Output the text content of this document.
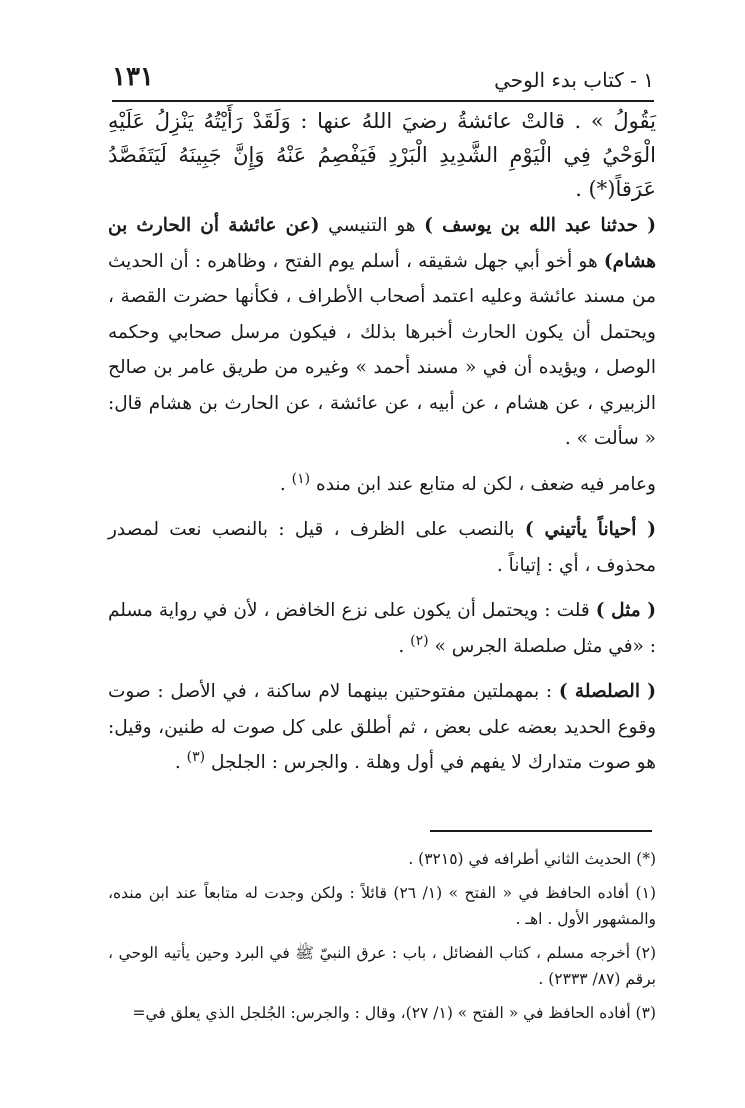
١ - كتاب بدء الوحي
١٣١

يَقُولُ » . قالتْ عائشةُ رضيَ اللهُ عنها : وَلَقَدْ رَأَيْتُهُ يَنْزِلُ عَلَيْهِ الْوَحْيُ فِي الْيَوْمِ الشَّدِيدِ الْبَرْدِ فَيَفْصِمُ عَنْهُ وَإِنَّ جَبِينَهُ لَيَتَفَصَّدُ عَرَقاً(*) .

( حدثنا عبد الله بن يوسف ) هو التنيسي (عن عائشة أن الحارث بن هشام) هو أخو أبي جهل شقيقه ، أسلم يوم الفتح ، وظاهره : أن الحديث من مسند عائشة وعليه اعتمد أصحاب الأطراف ، فكأنها حضرت القصة ، ويحتمل أن يكون الحارث أخبرها بذلك ، فيكون مرسل صحابي وحكمه الوصل ، ويؤيده أن في « مسند أحمد » وغيره من طريق عامر بن صالح الزبيري ، عن هشام ، عن أبيه ، عن عائشة ، عن الحارث بن هشام قال: « سألت » .

وعامر فيه ضعف ، لكن له متابع عند ابن منده $^{(١)}$ .

( أحياناً يأتيني ) بالنصب على الظرف ، قيل : بالنصب نعت لمصدر محذوف ، أي : إتياناً .

( مثل ) قلت : ويحتمل أن يكون على نزع الخافض ، لأن في رواية مسلم : «في مثل صلصلة الجرس » $^{(٢)}$ .

( الصلصلة ) : بمهملتين مفتوحتين بينهما لام ساكنة ، في الأصل : صوت وقوع الحديد بعضه على بعض ، ثم أطلق على كل صوت له طنين، وقيل: هو صوت متدارك لا يفهم في أول وهلة . والجرس : الجلجل $^{(٣)}$ .

(*) الحديث الثاني أطرافه في (٣٢١٥) .

(١) أفاده الحافظ في « الفتح » (١/ ٢٦) قائلاً : ولكن وجدت له متابعاً عند ابن منده، والمشهور الأول . اهـ .

(٢) أخرجه مسلم ، كتاب الفضائل ، باب : عرق النبيّ ﷺ في البرد وحين يأتيه الوحي ، برقم (٨٧/ ٢٣٣٣) .

(٣) أفاده الحافظ في « الفتح » (١/ ٢٧)، وقال : والجرس: الجُلجل الذي يعلق في=
